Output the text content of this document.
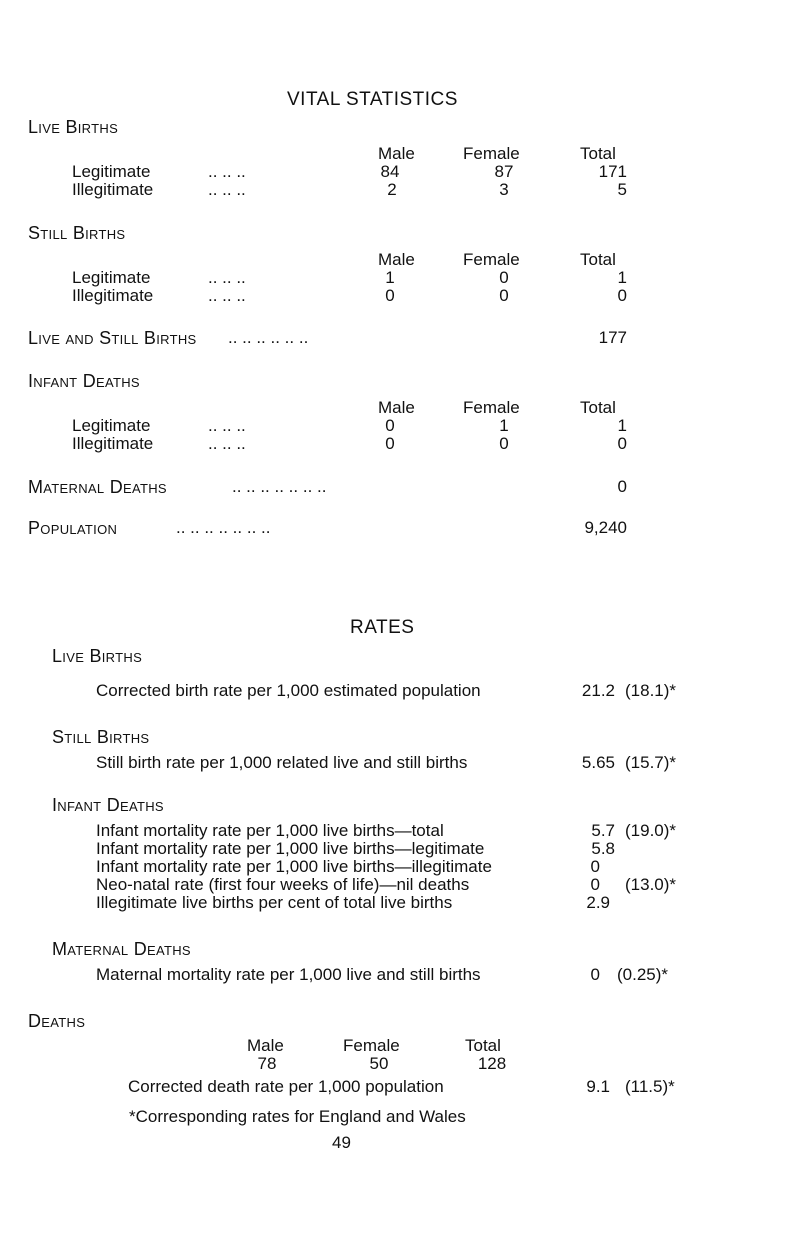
VITAL STATISTICS
Live Births
Male	Female	Total
Legitimate	.. .. ..	84	87	171
Illegitimate	.. .. ..	2	3	5
Still Births
Male	Female	Total
Legitimate	.. .. ..	1	0	1
Illegitimate	.. .. ..	0	0	0
Live and Still Births .. .. .. .. .. ..	177
Infant Deaths
Male	Female	Total
Legitimate	.. .. ..	0	1	1
Illegitimate	.. .. ..	0	0	0
Maternal Deaths	.. .. .. .. .. .. ..	0
Population	.. .. .. .. .. .. ..	9,240
RATES
Live Births
Corrected birth rate per 1,000 estimated population	21.2 (18.1)*
Still Births
Still birth rate per 1,000 related live and still births	5.65 (15.7)*
Infant Deaths
Infant mortality rate per 1,000 live births—total	5.7 (19.0)*
Infant mortality rate per 1,000 live births—legitimate	5.8
Infant mortality rate per 1,000 live births—illegitimate	0
Neo-natal rate (first four weeks of life)—nil deaths	0 (13.0)*
Illegitimate live births per cent of total live births	2.9
Maternal Deaths
Maternal mortality rate per 1,000 live and still births	0 (0.25)*
Deaths
Male	Female	Total
78	50	128
Corrected death rate per 1,000 population	9.1 (11.5)*
*Corresponding rates for England and Wales
49
